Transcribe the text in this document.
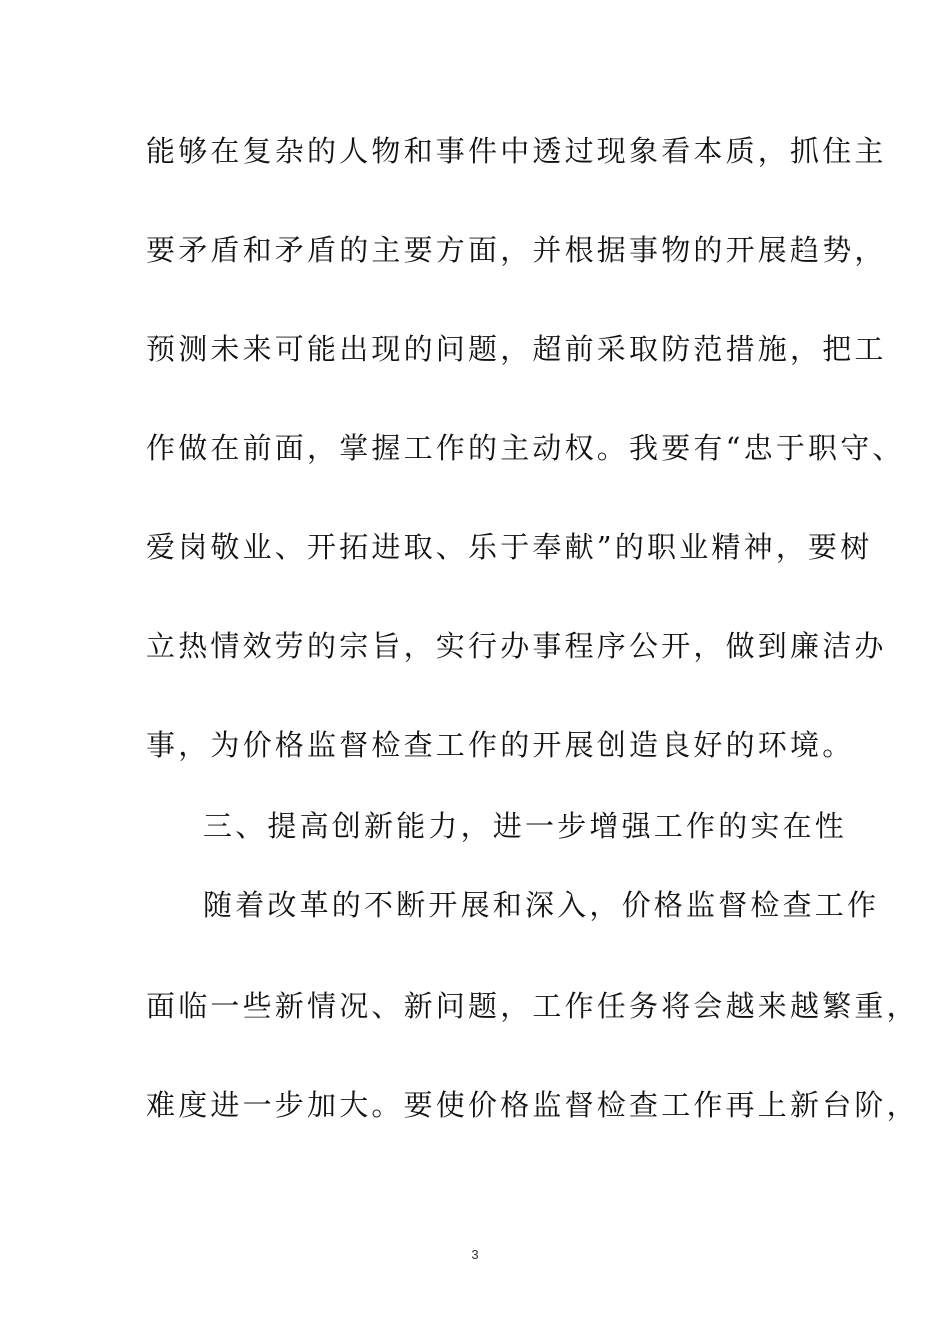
能够在复杂的人物和事件中透过现象看本质，抓住主
要矛盾和矛盾的主要方面，并根据事物的开展趋势，
预测未来可能出现的问题，超前采取防范措施，把工
作做在前面，掌握工作的主动权。我要有“忠于职守、
爱岗敬业、开拓进取、乐于奉献”的职业精神，要树
立热情效劳的宗旨，实行办事程序公开，做到廉洁办
事，为价格监督检查工作的开展创造良好的环境。
三、提高创新能力，进一步增强工作的实在性
随着改革的不断开展和深入，价格监督检查工作
面临一些新情况、新问题，工作任务将会越来越繁重，
难度进一步加大。要使价格监督检查工作再上新台阶，
3
